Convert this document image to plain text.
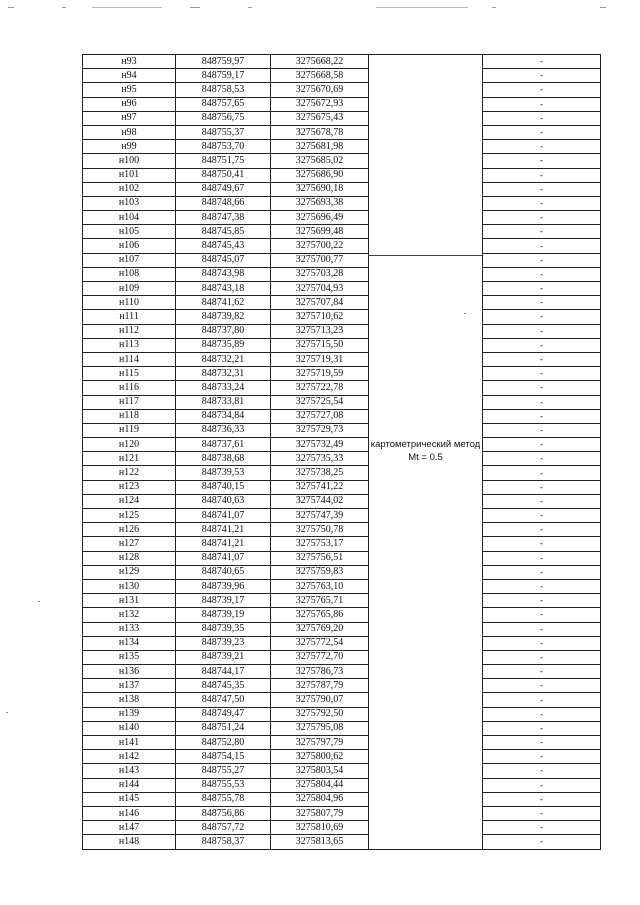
н93	848759,97	3275668,22	картометрический метод Mt = 0.5	-
н94	848759,17	3275668,58		-
н95	848758,53	3275670,69		-
н96	848757,65	3275672,93		-
н97	848756,75	3275675,43		-
н98	848755,37	3275678,78		-
н99	848753,70	3275681,98		-
н100	848751,75	3275685,02		-
н101	848750,41	3275686,90		-
н102	848749,67	3275690,18		-
н103	848748,66	3275693,38		-
н104	848747,38	3275696,49		-
н105	848745,85	3275699,48		-
н106	848745,43	3275700,22		-
н107	848745,07	3275700,77		-
н108	848743,98	3275703,28		-
н109	848743,18	3275704,93		-
н110	848741,62	3275707,84		-
н111	848739,82	3275710,62		-
н112	848737,80	3275713,23		-
н113	848735,89	3275715,50		-
н114	848732,21	3275719,31		-
н115	848732,31	3275719,59		-
н116	848733,24	3275722,78		-
н117	848733,81	3275725,54		-
н118	848734,84	3275727,08		-
н119	848736,33	3275729,73		-
н120	848737,61	3275732,49		-
н121	848738,68	3275735,33		-
н122	848739,53	3275738,25		-
н123	848740,15	3275741,22		-
н124	848740,63	3275744,02		-
н125	848741,07	3275747,39		-
н126	848741,21	3275750,78		-
н127	848741,21	3275753,17		-
н128	848741,07	3275756,51		-
н129	848740,65	3275759,83		-
н130	848739,96	3275763,10		-
н131	848739,17	3275765,71		-
н132	848739,19	3275765,86		-
н133	848739,35	3275769,20		-
н134	848739,23	3275772,54		-
н135	848739,21	3275772,70		-
н136	848744,17	3275786,73		-
н137	848745,35	3275787,79		-
н138	848747,50	3275790,07		-
н139	848749,47	3275792,50		-
н140	848751,24	3275795,08		-
н141	848752,80	3275797,79		-
н142	848754,15	3275800,62		-
н143	848755,27	3275803,54		-
н144	848755,53	3275804,44		-
н145	848755,78	3275804,96		-
н146	848756,86	3275807,79		-
н147	848757,72	3275810,69		-
н148	848758,37	3275813,65		-
